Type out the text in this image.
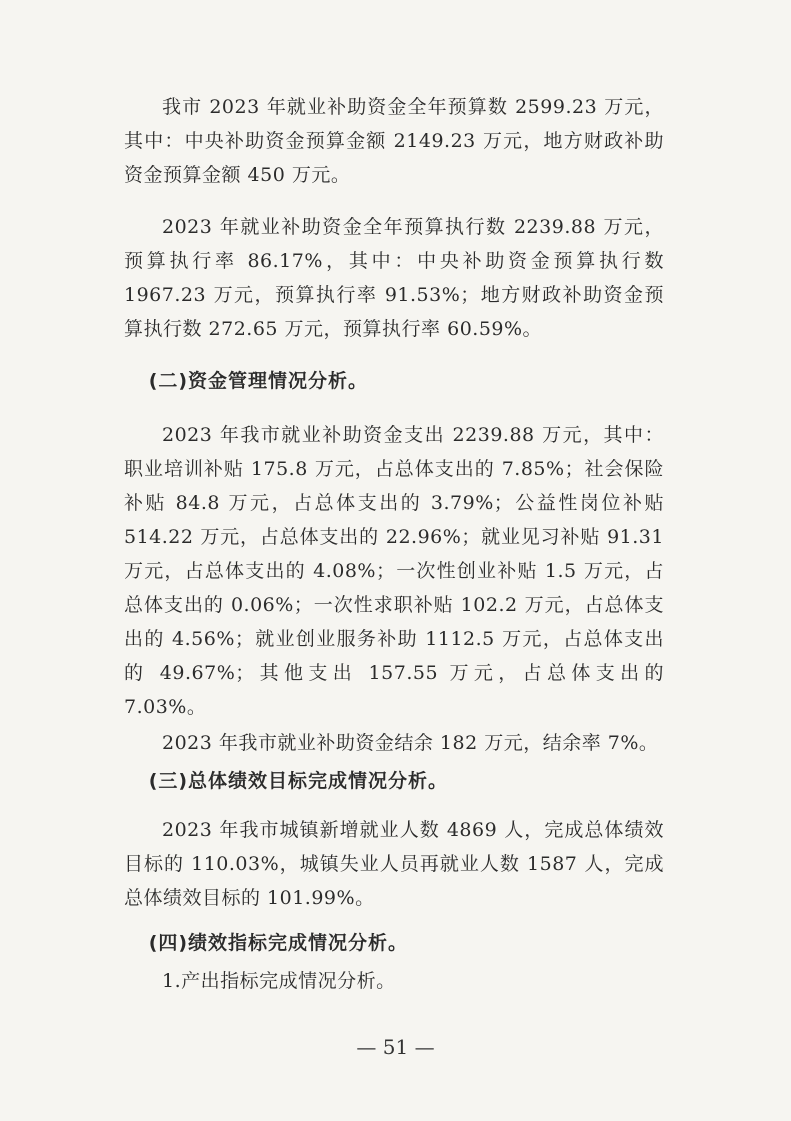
我市 2023 年就业补助资金全年预算数 2599.23 万元，其中：中央补助资金预算金额 2149.23 万元，地方财政补助资金预算金额 450 万元。

2023 年就业补助资金全年预算执行数 2239.88 万元，预算执行率 86.17%，其中：中央补助资金预算执行数 1967.23 万元，预算执行率 91.53%；地方财政补助资金预算执行数 272.65 万元，预算执行率 60.59%。

(二)资金管理情况分析。

2023 年我市就业补助资金支出 2239.88 万元，其中：职业培训补贴 175.8 万元，占总体支出的 7.85%；社会保险补贴 84.8 万元，占总体支出的 3.79%；公益性岗位补贴 514.22 万元，占总体支出的 22.96%；就业见习补贴 91.31 万元，占总体支出的 4.08%；一次性创业补贴 1.5 万元，占总体支出的 0.06%；一次性求职补贴 102.2 万元，占总体支出的 4.56%；就业创业服务补助 1112.5 万元，占总体支出的 49.67%；其他支出 157.55 万元，占总体支出的 7.03%。

2023 年我市就业补助资金结余 182 万元，结余率 7%。

(三)总体绩效目标完成情况分析。

2023 年我市城镇新增就业人数 4869 人，完成总体绩效目标的 110.03%，城镇失业人员再就业人数 1587 人，完成总体绩效目标的 101.99%。

(四)绩效指标完成情况分析。

1.产出指标完成情况分析。

— 51 —
